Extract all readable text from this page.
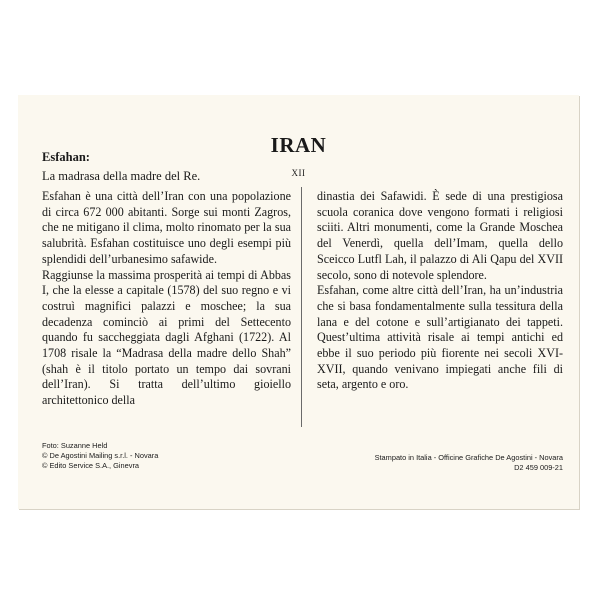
IRAN
Esfahan:
La madrasa della madre del Re.	XII

Esfahan è una città dell’Iran con una popolazione di circa 672 000 abitanti. Sorge sui monti Zagros, che ne mitigano il clima, molto rinomato per la sua salubrità. Esfahan costituisce uno degli esempi più splendidi dell’urbanesimo safawide.

Raggiunse la massima prosperità ai tempi di Abbas I, che la elesse a capitale (1578) del suo regno e vi costruì magnifici palazzi e moschee; la sua decadenza cominciò ai primi del Settecento quando fu saccheggiata dagli Afghani (1722). Al 1708 risale la “Madrasa della madre dello Shah” (shah è il titolo portato un tempo dai sovrani dell’Iran). Si tratta dell’ultimo gioiello architettonico della

dinastia dei Safawidi. È sede di una prestigiosa scuola coranica dove vengono formati i religiosi sciiti. Altri monumenti, come la Grande Moschea del Venerdì, quella dell’Imam, quella dello Sceicco Lutfl Lah, il palazzo di Ali Qapu del XVII secolo, sono di notevole splendore.

Esfahan, come altre città dell’Iran, ha un’industria che si basa fondamentalmente sulla tessitura della lana e del cotone e sull’artigianato dei tappeti. Quest’ultima attività risale ai tempi antichi ed ebbe il suo periodo più fiorente nei secoli XVI-XVII, quando venivano impiegati anche fili di seta, argento e oro.

Foto: Suzanne Held
© De Agostini Mailing s.r.l. - Novara
© Edito Service S.A., Ginevra
Stampato in Italia - Officine Grafiche De Agostini - Novara
D2 459 009-21
